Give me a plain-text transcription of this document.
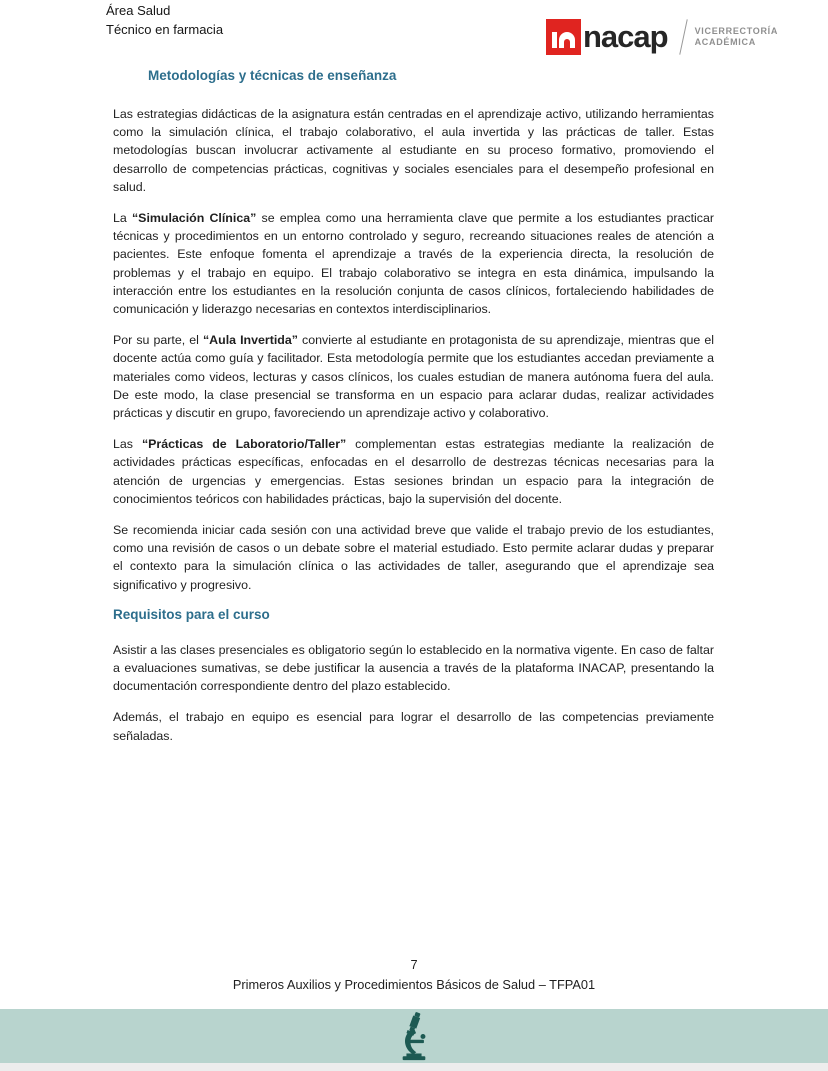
Área Salud
Técnico en farmacia	nacap	VICERRECTORÍA
ACADÉMICA
Metodologías y técnicas de enseñanza

Las estrategias didácticas de la asignatura están centradas en el aprendizaje activo, utilizando herramientas como la simulación clínica, el trabajo colaborativo, el aula invertida y las prácticas de taller. Estas metodologías buscan involucrar activamente al estudiante en su proceso formativo, promoviendo el desarrollo de competencias prácticas, cognitivas y sociales esenciales para el desempeño profesional en salud.

La “Simulación Clínica” se emplea como una herramienta clave que permite a los estudiantes practicar técnicas y procedimientos en un entorno controlado y seguro, recreando situaciones reales de atención a pacientes. Este enfoque fomenta el aprendizaje a través de la experiencia directa, la resolución de problemas y el trabajo en equipo. El trabajo colaborativo se integra en esta dinámica, impulsando la interacción entre los estudiantes en la resolución conjunta de casos clínicos, fortaleciendo habilidades de comunicación y liderazgo necesarias en contextos interdisciplinarios.

Por su parte, el “Aula Invertida” convierte al estudiante en protagonista de su aprendizaje, mientras que el docente actúa como guía y facilitador. Esta metodología permite que los estudiantes accedan previamente a materiales como videos, lecturas y casos clínicos, los cuales estudian de manera autónoma fuera del aula. De este modo, la clase presencial se transforma en un espacio para aclarar dudas, realizar actividades prácticas y discutir en grupo, favoreciendo un aprendizaje activo y colaborativo.

Las “Prácticas de Laboratorio/Taller” complementan estas estrategias mediante la realización de actividades prácticas específicas, enfocadas en el desarrollo de destrezas técnicas necesarias para la atención de urgencias y emergencias. Estas sesiones brindan un espacio para la integración de conocimientos teóricos con habilidades prácticas, bajo la supervisión del docente.

Se recomienda iniciar cada sesión con una actividad breve que valide el trabajo previo de los estudiantes, como una revisión de casos o un debate sobre el material estudiado. Esto permite aclarar dudas y preparar el contexto para la simulación clínica o las actividades de taller, asegurando que el aprendizaje sea significativo y progresivo.

Requisitos para el curso

Asistir a las clases presenciales es obligatorio según lo establecido en la normativa vigente. En caso de faltar a evaluaciones sumativas, se debe justificar la ausencia a través de la plataforma INACAP, presentando la documentación correspondiente dentro del plazo establecido.

Además, el trabajo en equipo es esencial para lograr el desarrollo de las competencias previamente señaladas.

7
Primeros Auxilios y Procedimientos Básicos de Salud – TFPA01
